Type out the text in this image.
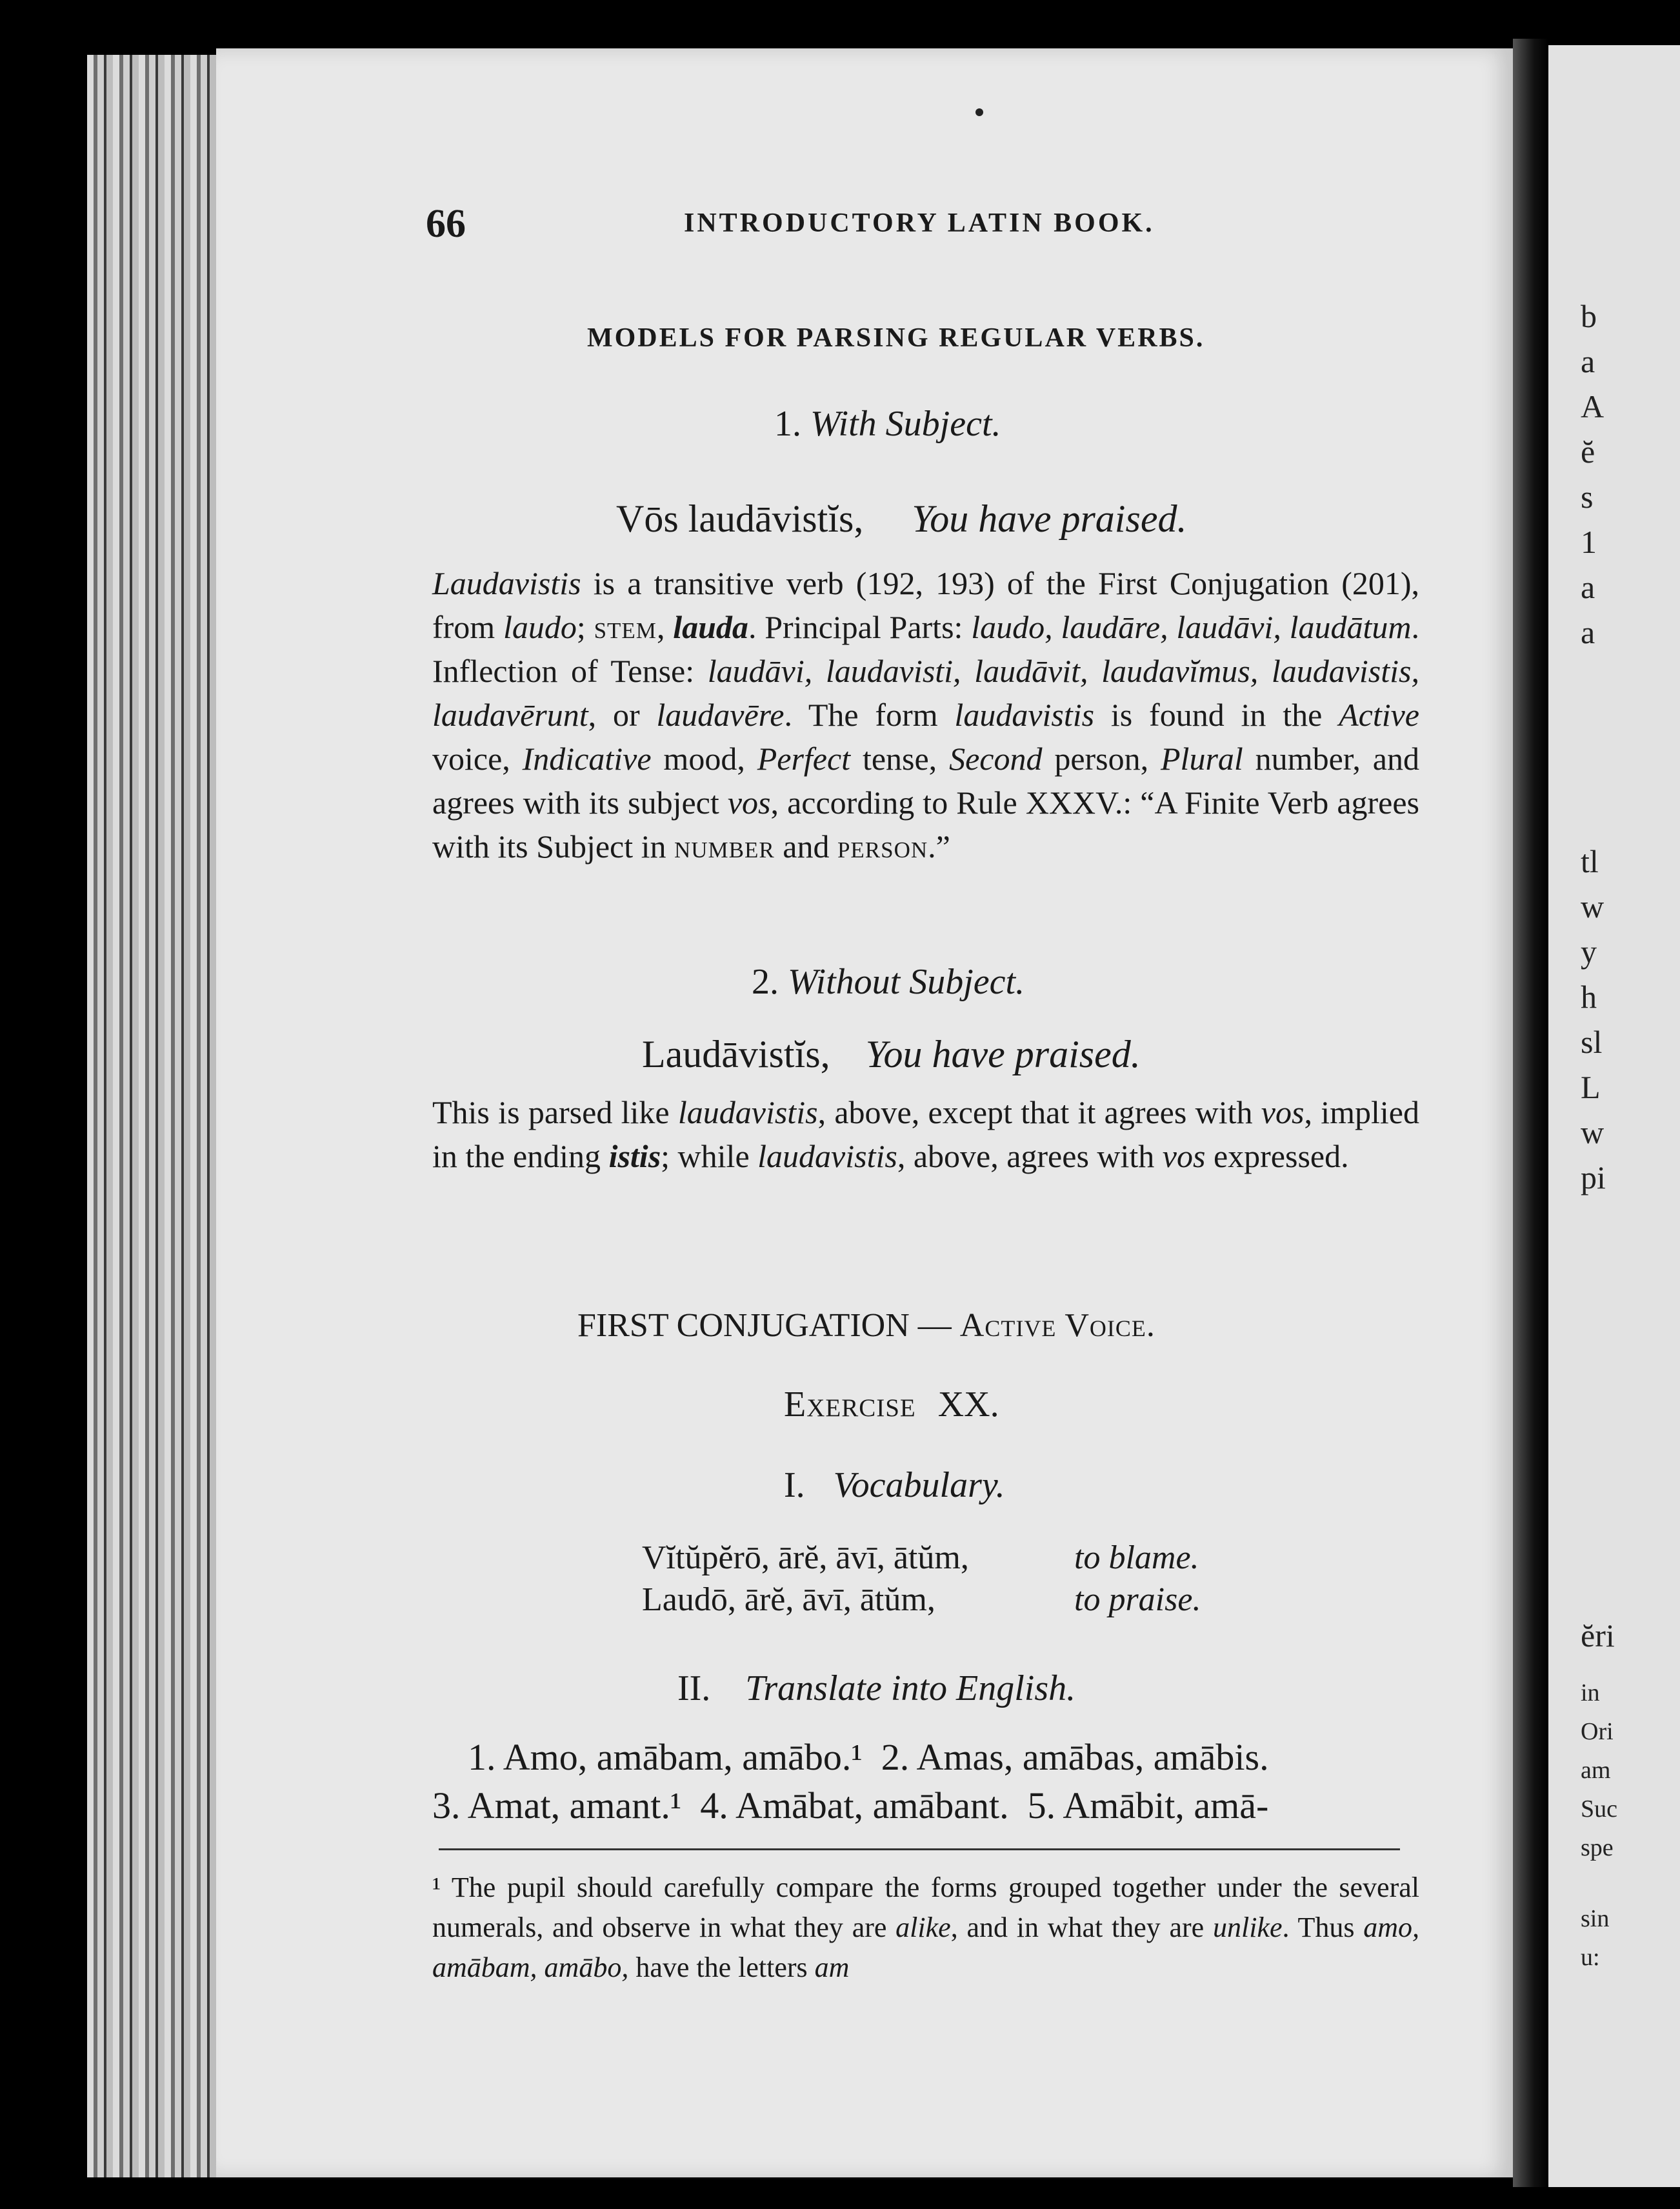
b
a
A
ĕ
s
1
a
a
tl
w
y
h
sl
L
w
pi
ĕri
in
Ori
am
Suc
spe
sin
u:
66	INTRODUCTORY LATIN BOOK.
MODELS FOR PARSING REGULAR VERBS.
1. With Subject.
Vōs laudāvistĭs, You have praised.
Laudavistis is a transitive verb (192, 193) of the First Conjugation (201), from laudo; stem, lauda. Principal Parts: laudo, laudāre, laudāvi, laudātum. Inflection of Tense: laudāvi, laudavisti, laudāvit, laudavĭmus, laudavistis, laudavērunt, or laudavēre. The form laudavistis is found in the Active voice, Indicative mood, Perfect tense, Second person, Plural number, and agrees with its subject vos, according to Rule XXXV.: “A Finite Verb agrees with its Subject in number and person.”
2. Without Subject.
Laudāvistĭs, You have praised.
This is parsed like laudavistis, above, except that it agrees with vos, implied in the ending istis; while laudavistis, above, agrees with vos expressed.
FIRST CONJUGATION — Active Voice.
Exercise XX.
I. Vocabulary.
Vĭtŭpĕrō, ārĕ, āvī, ātŭm,	to blame.
Laudō, ārĕ, āvī, ātŭm,	to praise.
II. Translate into English.
1. Amo, amābam, amābo.¹  2. Amas, amābas, amābis.
3. Amat, amant.¹  4. Amābat, amābant.  5. Amābit, amā-
¹ The pupil should carefully compare the forms grouped together under the several numerals, and observe in what they are alike, and in what they are unlike. Thus amo, amābam, amābo, have the letters am
